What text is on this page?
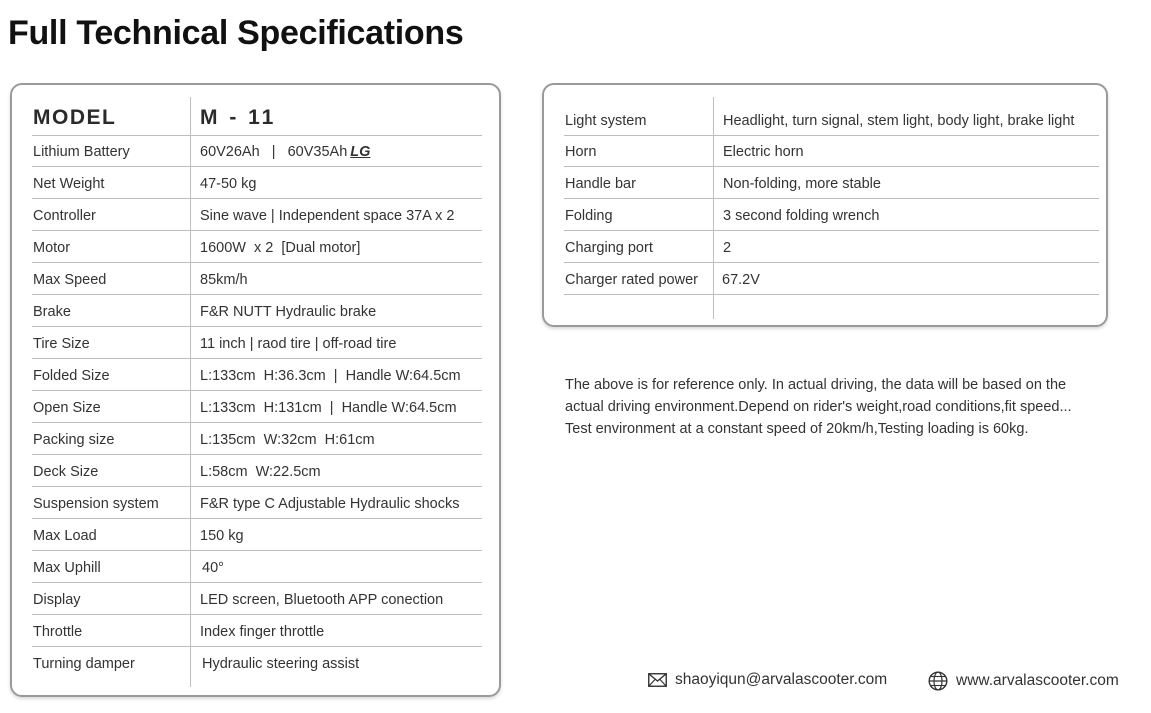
Full Technical Specifications
MODEL	M - 11
Lithium Battery	60V26Ah   |   60V35Ah LG
Net Weight	47-50 kg
Controller	Sine wave | Independent space 37A x 2
Motor	1600W  x 2  [Dual motor]
Max Speed	85km/h
Brake	F&R NUTT Hydraulic brake
Tire Size	11 inch | raod tire | off-road tire
Folded Size	L:133cm  H:36.3cm  |  Handle W:64.5cm
Open Size	L:133cm  H:131cm  |  Handle W:64.5cm
Packing size	L:135cm  W:32cm  H:61cm
Deck Size	L:58cm  W:22.5cm
Suspension system	F&R type C Adjustable Hydraulic shocks
Max Load	150 kg
Max Uphill	40°
Display	LED screen, Bluetooth APP conection
Throttle	Index finger throttle
Turning damper	Hydraulic steering assist
Light system	Headlight, turn signal, stem light, body light, brake light
Horn	Electric horn
Handle bar	Non-folding, more stable
Folding	3 second folding wrench
Charging port	2
Charger rated power 67.2V

The above is for reference only. In actual driving, the data will be based on the

actual driving environment.Depend on rider's weight,road conditions,fit speed...

Test environment at a constant speed of 20km/h,Testing loading is 60kg.

shaoyiqun@arvalascooter.com	www.arvalascooter.com
